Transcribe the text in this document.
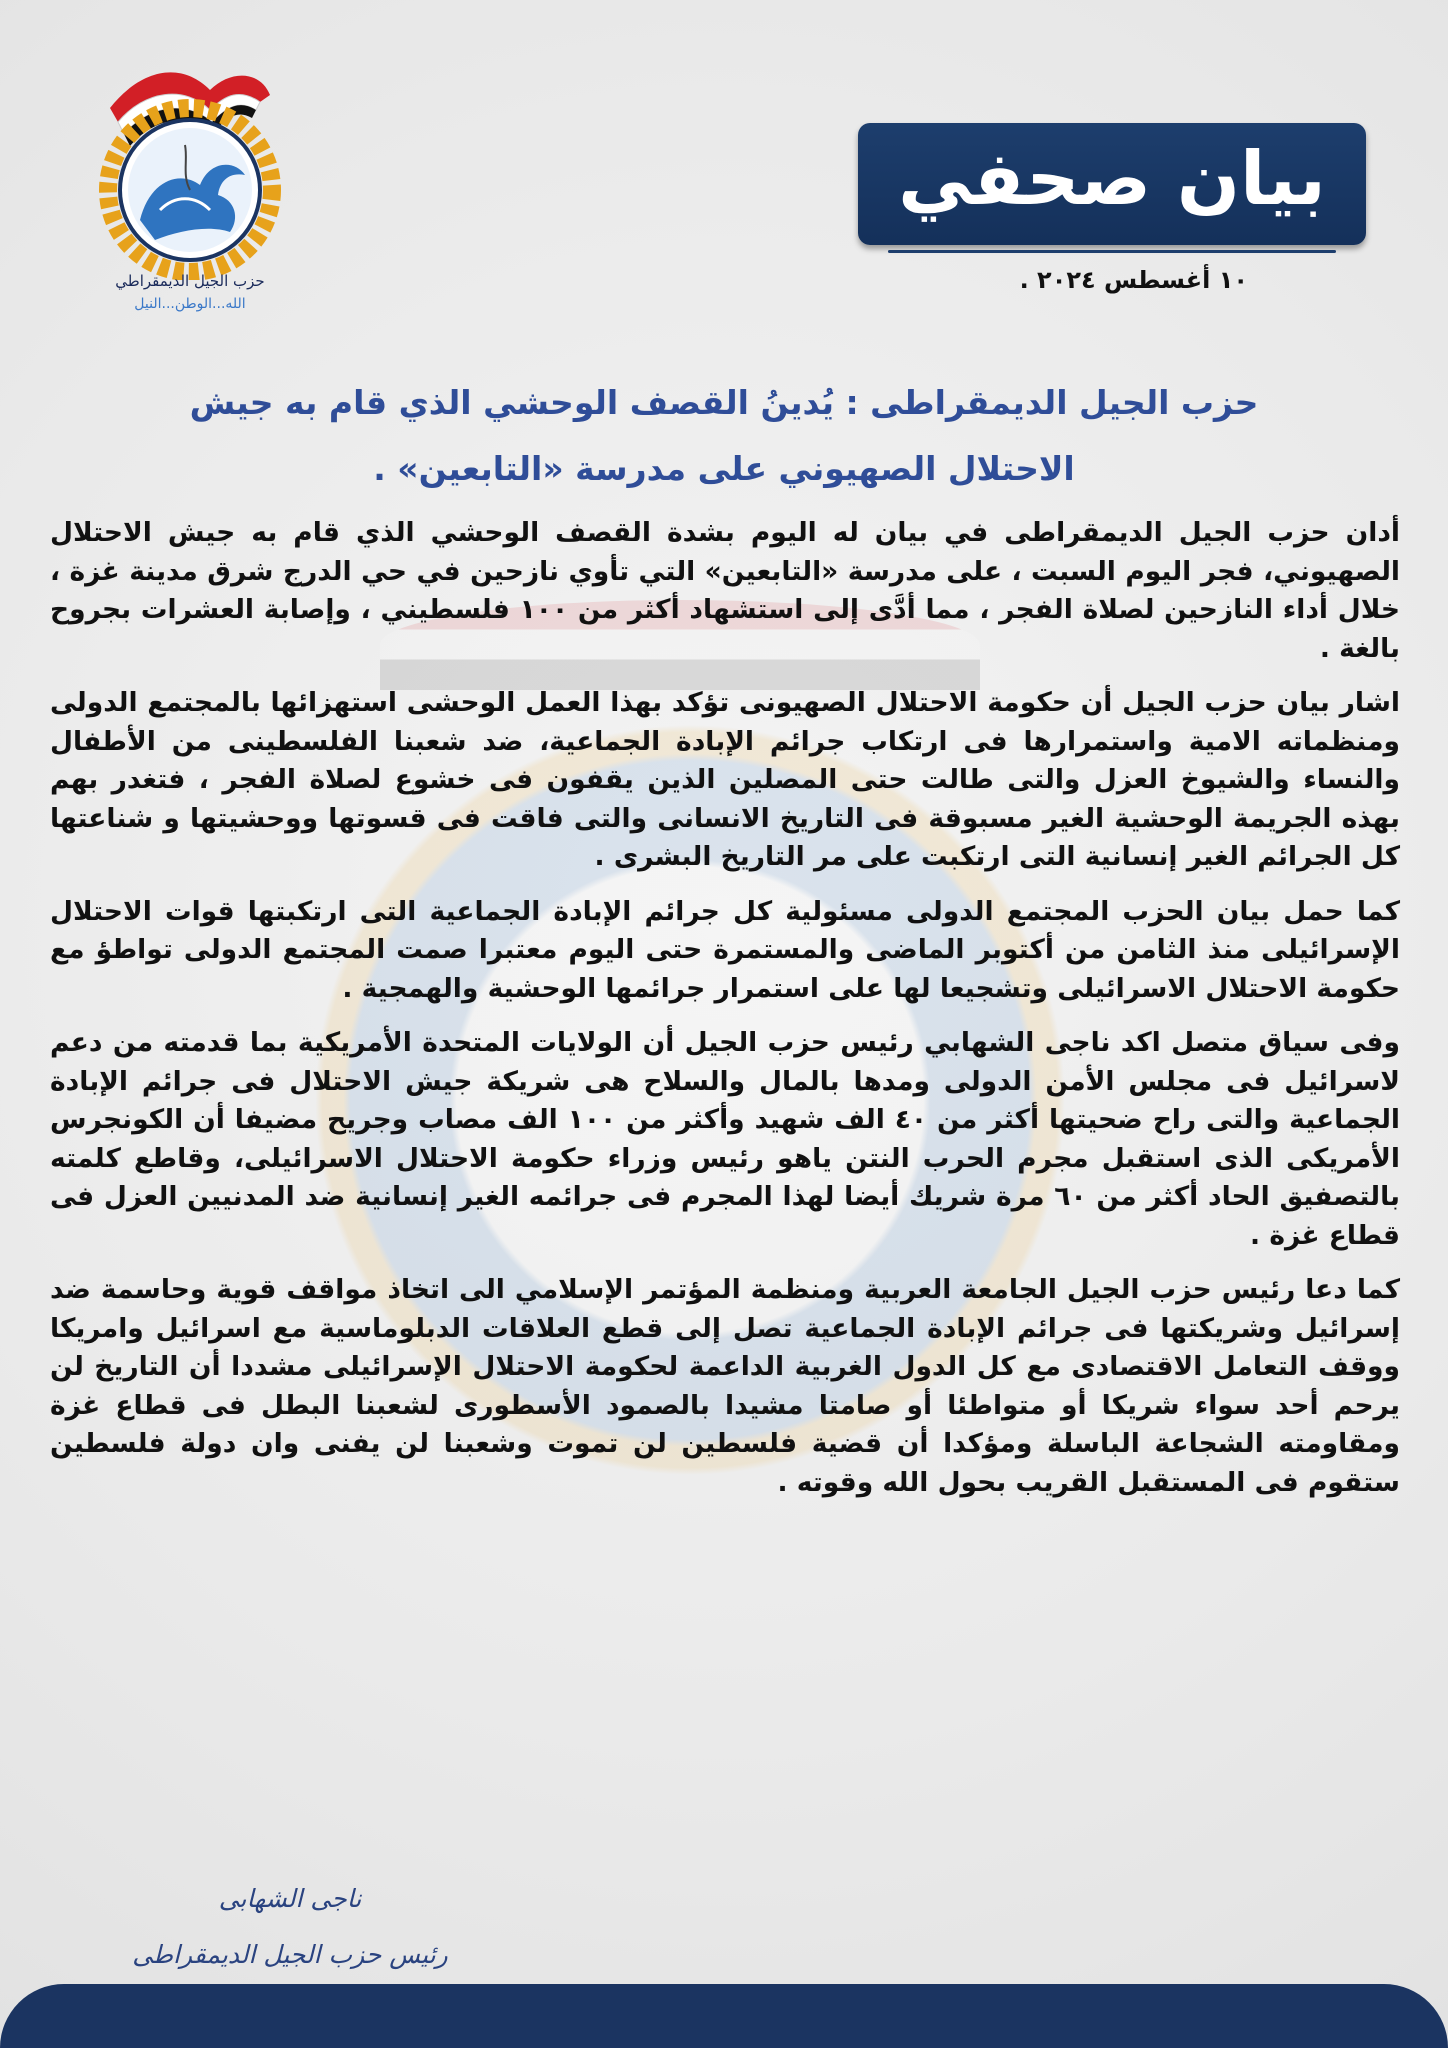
حزب الجيل الديمقراطي
الله...الوطن...النيل
بيان صحفي
١٠ أغسطس ٢٠٢٤ .
حزب الجيل الديمقراطى : يُدينُ القصف الوحشي الذي قام به جيش
الاحتلال الصهيوني على مدرسة «التابعين» .

أدان حزب الجيل الديمقراطى في بيان له اليوم بشدة القصف الوحشي الذي قام به جيش الاحتلال الصهيوني، فجر اليوم السبت ، على مدرسة «التابعين» التي تأوي نازحين في حي الدرج شرق مدينة غزة ، خلال أداء النازحين لصلاة الفجر ، مما أدَّى إلى استشهاد أكثر من ١٠٠ فلسطيني ، وإصابة العشرات بجروح بالغة .

اشار بيان حزب الجيل أن حكومة الاحتلال الصهيونى تؤكد بهذا العمل الوحشى استهزائها بالمجتمع الدولى ومنظماته الامية واستمرارها فى ارتكاب جرائم الإبادة الجماعية، ضد شعبنا الفلسطينى من الأطفال والنساء والشيوخ العزل والتى طالت حتى المصلين الذين يقفون فى خشوع لصلاة الفجر ، فتغدر بهم بهذه الجريمة الوحشية الغير مسبوقة فى التاريخ الانسانى والتى فاقت فى قسوتها ووحشيتها و شناعتها كل الجرائم الغير إنسانية التى ارتكبت على مر التاريخ البشرى .

كما حمل بيان الحزب المجتمع الدولى مسئولية كل جرائم الإبادة الجماعية التى ارتكبتها قوات الاحتلال الإسرائيلى منذ الثامن من أكتوبر الماضى والمستمرة حتى اليوم معتبرا صمت المجتمع الدولى تواطؤ مع حكومة الاحتلال الاسرائيلى وتشجيعا لها على استمرار جرائمها الوحشية والهمجية .

وفى سياق متصل اكد ناجى الشهابي رئيس حزب الجيل أن الولايات المتحدة الأمريكية بما قدمته من دعم لاسرائيل فى مجلس الأمن الدولى ومدها بالمال والسلاح هى شريكة جيش الاحتلال فى جرائم الإبادة الجماعية والتى راح ضحيتها أكثر من ٤٠ الف شهيد وأكثر من ١٠٠ الف مصاب وجريح مضيفا أن الكونجرس الأمريكى الذى استقبل مجرم الحرب النتن ياهو رئيس وزراء حكومة الاحتلال الاسرائيلى، وقاطع كلمته بالتصفيق الحاد أكثر من ٦٠ مرة شريك أيضا لهذا المجرم فى جرائمه الغير إنسانية ضد المدنيين العزل فى قطاع غزة .

كما دعا رئيس حزب الجيل الجامعة العربية ومنظمة المؤتمر الإسلامي الى اتخاذ مواقف قوية وحاسمة ضد إسرائيل وشريكتها فى جرائم الإبادة الجماعية تصل إلى قطع العلاقات الدبلوماسية مع اسرائيل وامريكا ووقف التعامل الاقتصادى مع كل الدول الغربية الداعمة لحكومة الاحتلال الإسرائيلى مشددا أن التاريخ لن يرحم أحد سواء شريكا أو متواطئا أو صامتا مشيدا بالصمود الأسطورى لشعبنا البطل فى قطاع غزة ومقاومته الشجاعة الباسلة ومؤكدا أن قضية فلسطين لن تموت وشعبنا لن يفنى وان دولة فلسطين ستقوم فى المستقبل القريب بحول الله وقوته .

ناجى الشهابى
رئيس حزب الجيل الديمقراطى
